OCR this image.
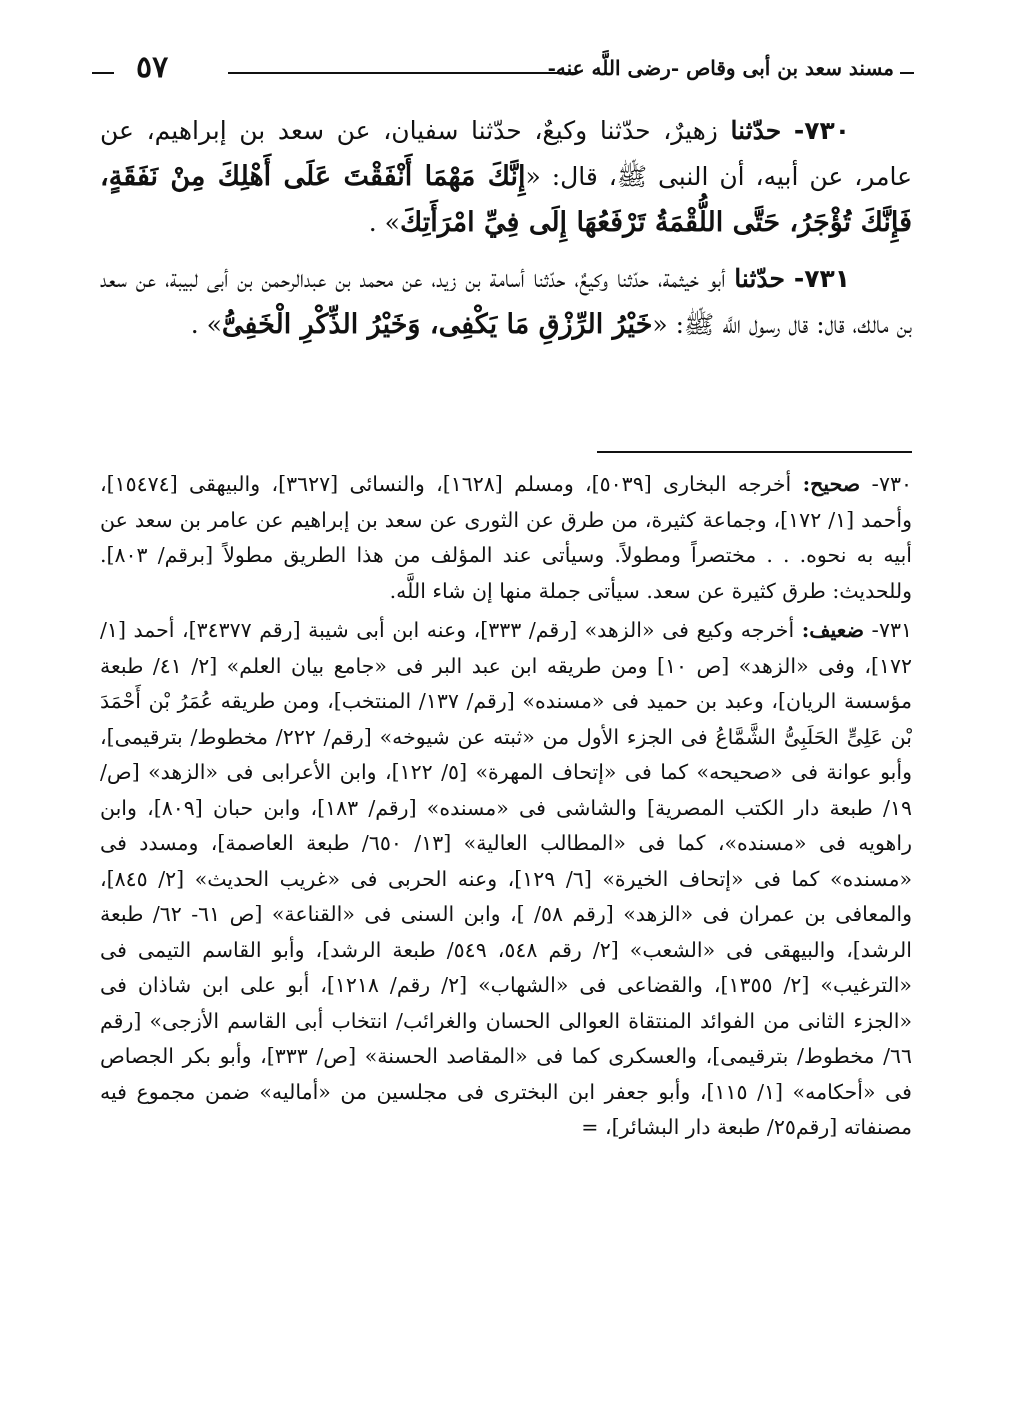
مسند سعد بن أبى وقاص -رضى اللَّه عنه-
٥٧

٧٣٠- حدّثنا زهيرٌ، حدّثنا وكيعٌ، حدّثنا سفيان، عن سعد بن إبراهيم، عن عامر، عن أبيه، أن النبى ﷺ، قال: «إِنَّكَ مَهْمَا أَنْفَقْتَ عَلَى أَهْلِكَ مِنْ نَفَقَةٍ، فَإِنَّكَ تُؤْجَرُ، حَتَّى اللُّقْمَةُ تَرْفَعُهَا إِلَى فِيِّ امْرَأَتِكَ» .

٧٣١- حدّثنا أبو خيثمة، حدّثنا وكيعٌ، حدّثنا أسامة بن زيد، عن محمد بن عبدالرحمن بن أبى لبيبة، عن سعد بن مالك، قال: قال رسول اللَّه ﷺ: «خَيْرُ الرِّزْقِ مَا يَكْفِى، وَخَيْرُ الذِّكْرِ الْخَفِىُّ» .

٧٣٠- صحيح: أخرجه البخارى [٥٠٣٩]، ومسلم [١٦٢٨]، والنسائى [٣٦٢٧]، والبيهقى [١٥٤٧٤]، وأحمد [١/ ١٧٢]، وجماعة كثيرة، من طرق عن الثورى عن سعد بن إبراهيم عن عامر بن سعد عن أبيه به نحوه. . . مختصراً ومطولاً. وسيأتى عند المؤلف من هذا الطريق مطولاً [برقم/ ٨٠٣]. وللحديث: طرق كثيرة عن سعد. سيأتى جملة منها إن شاء اللَّه.

٧٣١- ضعيف: أخرجه وكيع فى «الزهد» [رقم/ ٣٣٣]، وعنه ابن أبى شيبة [رقم ٣٤٣٧٧]، أحمد [١/ ١٧٢]، وفى «الزهد» [ص ١٠] ومن طريقه ابن عبد البر فى «جامع بيان العلم» [٢/ ٤١/ طبعة مؤسسة الريان]، وعبد بن حميد فى «مسنده» [رقم/ ١٣٧/ المنتخب]، ومن طريقه عُمَرُ بْن أَحْمَدَ بْن عَلِىٍّ الحَلَبِىُّ الشَّمَّاعُ فى الجزء الأول من «ثبته عن شيوخه» [رقم/ ٢٢٢/ مخطوط/ بترقيمى]، وأبو عوانة فى «صحيحه» كما فى «إتحاف المهرة» [٥/ ١٢٢]، وابن الأعرابى فى «الزهد» [ص/ ١٩/ طبعة دار الكتب المصرية] والشاشى فى «مسنده» [رقم/ ١٨٣]، وابن حبان [٨٠٩]، وابن راهويه فى «مسنده»، كما فى «المطالب العالية» [١٣/ ٦٥٠/ طبعة العاصمة]، ومسدد فى «مسنده» كما فى «إتحاف الخيرة» [٦/ ١٢٩]، وعنه الحربى فى «غريب الحديث» [٢/ ٨٤٥]، والمعافى بن عمران فى «الزهد» [رقم ٥٨/ ]، وابن السنى فى «القناعة» [ص ٦١- ٦٢/ طبعة الرشد]، والبيهقى فى «الشعب» [٢/ رقم ٥٤٨، ٥٤٩/ طبعة الرشد]، وأبو القاسم التيمى فى «الترغيب» [٢/ ١٣٥٥]، والقضاعى فى «الشهاب» [٢/ رقم/ ١٢١٨]، أبو على ابن شاذان فى «الجزء الثانى من الفوائد المنتقاة العوالى الحسان والغرائب/ انتخاب أبى القاسم الأزجى» [رقم ٦٦/ مخطوط/ بترقيمى]، والعسكرى كما فى «المقاصد الحسنة» [ص/ ٣٣٣]، وأبو بكر الجصاص فى «أحكامه» [١/ ١١٥]، وأبو جعفر ابن البخترى فى مجلسين من «أماليه» ضمن مجموع فيه مصنفاته [رقم٢٥/ طبعة دار البشائر]، =
